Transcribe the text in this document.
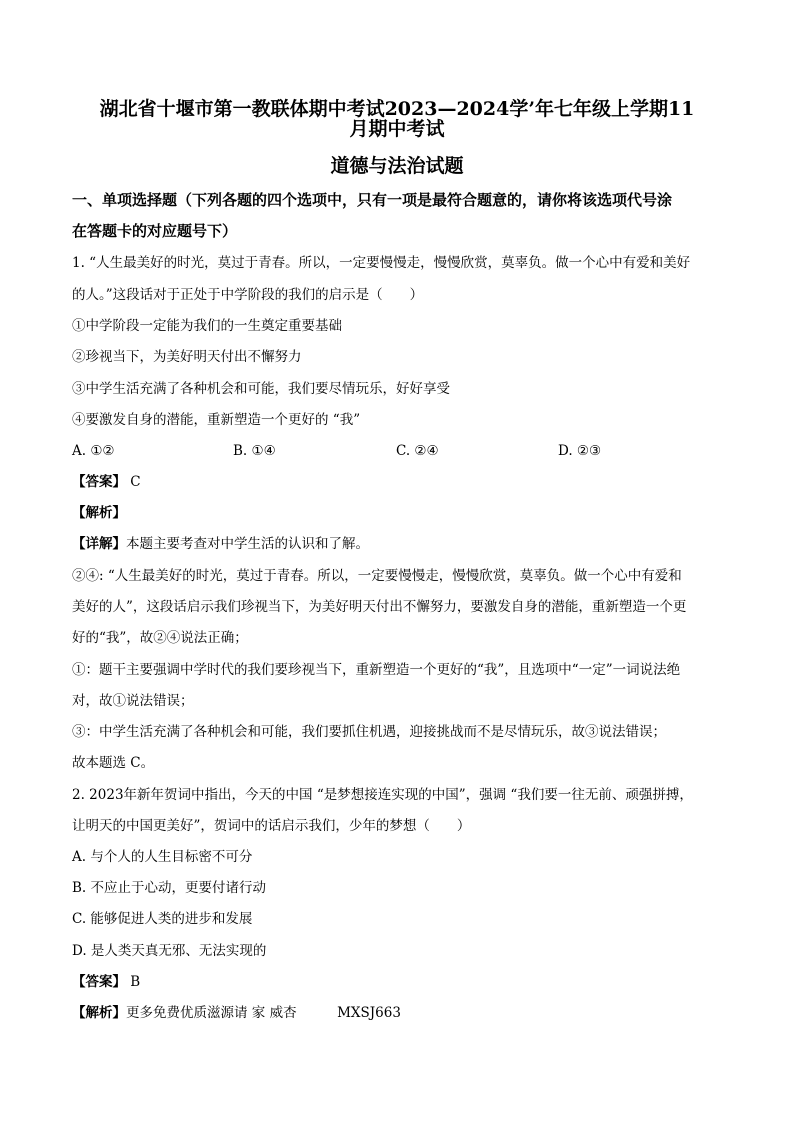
湖北省十堰市第一教联体期中考试2023—2024学’年七年级上学期11
月期中考试
道德与法治试题
一、单项选择题（下列各题的四个选项中，只有一项是最符合题意的，请你将该选项代号涂
在答题卡的对应题号下）
1. “人生最美好的时光，莫过于青春。所以，一定要慢慢走，慢慢欣赏，莫辜负。做一个心中有爱和美好
的人。”这段话对于正处于中学阶段的我们的启示是（　　）
①中学阶段一定能为我们的一生奠定重要基础
②珍视当下，为美好明天付出不懈努力
③中学生活充满了各种机会和可能，我们要尽情玩乐，好好享受
④要激发自身的潜能，重新塑造一个更好的 “我”
A. ①②	B. ①④	C. ②④	D. ②③
【答案】 C
【解析】
【详解】本题主要考查对中学生活的认识和了解。
②④: “人生最美好的时光，莫过于青春。所以，一定要慢慢走，慢慢欣赏，莫辜负。做一个心中有爱和
美好的人”，这段话启示我们珍视当下，为美好明天付出不懈努力，要激发自身的潜能，重新塑造一个更
好的“我”，故②④说法正确；
①：题干主要强调中学时代的我们要珍视当下，重新塑造一个更好的“我”，且选项中“一定”一词说法绝
对，故①说法错误；
③：中学生活充满了各种机会和可能，我们要抓住机遇，迎接挑战而不是尽情玩乐，故③说法错误；
故本题选 C。
2. 2023年新年贺词中指出，今天的中国 “是梦想接连实现的中国”，强调 “我们要一往无前、顽强拼搏，
让明天的中国更美好”，贺词中的话启示我们，少年的梦想（　　）
A. 与个人的人生目标密不可分
B. 不应止于心动，更要付诸行动
C. 能够促进人类的进步和发展
D. 是人类天真无邪、无法实现的
【答案】 B
【解析】更多免费优质滋源请 家 威杏　　　MXSJ663
